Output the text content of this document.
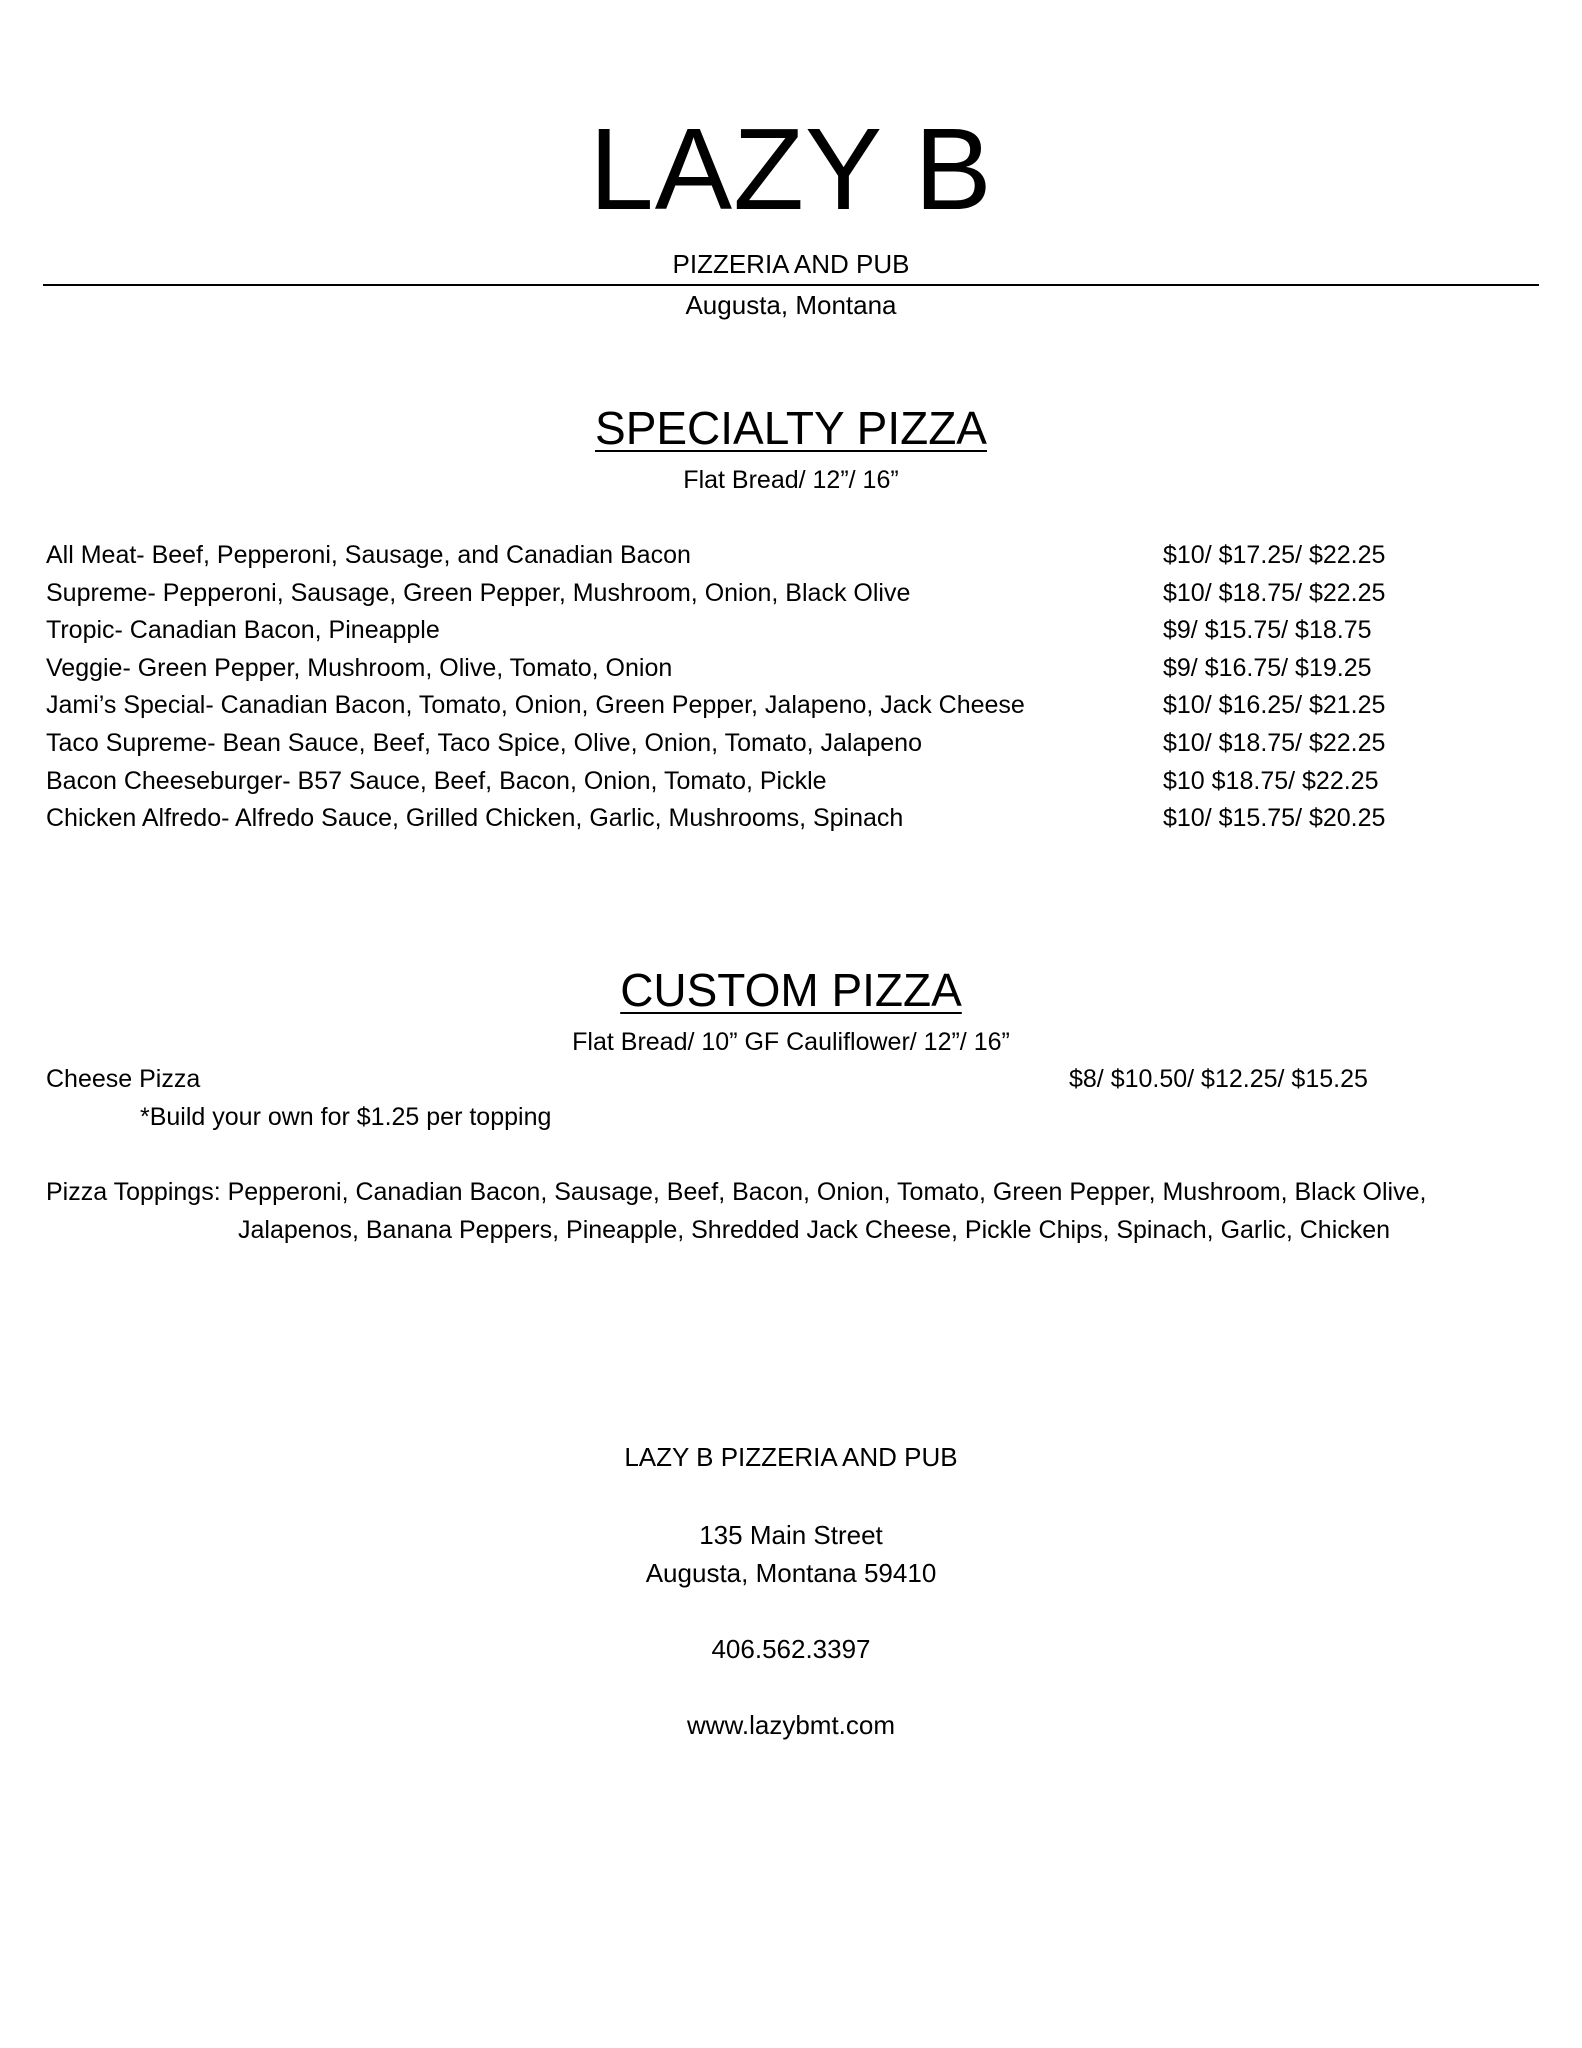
LAZY B
PIZZERIA AND PUB
Augusta, Montana
SPECIALTY PIZZA
Flat Bread/ 12”/ 16”
All Meat- Beef, Pepperoni, Sausage, and Canadian Bacon	$10/ $17.25/ $22.25
Supreme- Pepperoni, Sausage, Green Pepper, Mushroom, Onion, Black Olive	$10/ $18.75/ $22.25
Tropic- Canadian Bacon, Pineapple	$9/ $15.75/ $18.75
Veggie- Green Pepper, Mushroom, Olive, Tomato, Onion	$9/ $16.75/ $19.25
Jami’s Special- Canadian Bacon, Tomato, Onion, Green Pepper, Jalapeno, Jack Cheese	$10/ $16.25/ $21.25
Taco Supreme- Bean Sauce, Beef, Taco Spice, Olive, Onion, Tomato, Jalapeno	$10/ $18.75/ $22.25
Bacon Cheeseburger- B57 Sauce, Beef, Bacon, Onion, Tomato, Pickle	$10 $18.75/ $22.25
Chicken Alfredo- Alfredo Sauce, Grilled Chicken, Garlic, Mushrooms, Spinach	$10/ $15.75/ $20.25
CUSTOM PIZZA
Flat Bread/ 10” GF Cauliflower/ 12”/ 16”
Cheese Pizza	$8/ $10.50/ $12.25/ $15.25
*Build your own for $1.25 per topping
Pizza Toppings: Pepperoni, Canadian Bacon, Sausage, Beef, Bacon, Onion, Tomato, Green Pepper, Mushroom, Black Olive,
Jalapenos, Banana Peppers, Pineapple, Shredded Jack Cheese, Pickle Chips, Spinach, Garlic, Chicken
LAZY B PIZZERIA AND PUB
135 Main Street
Augusta, Montana 59410
406.562.3397
www.lazybmt.com
